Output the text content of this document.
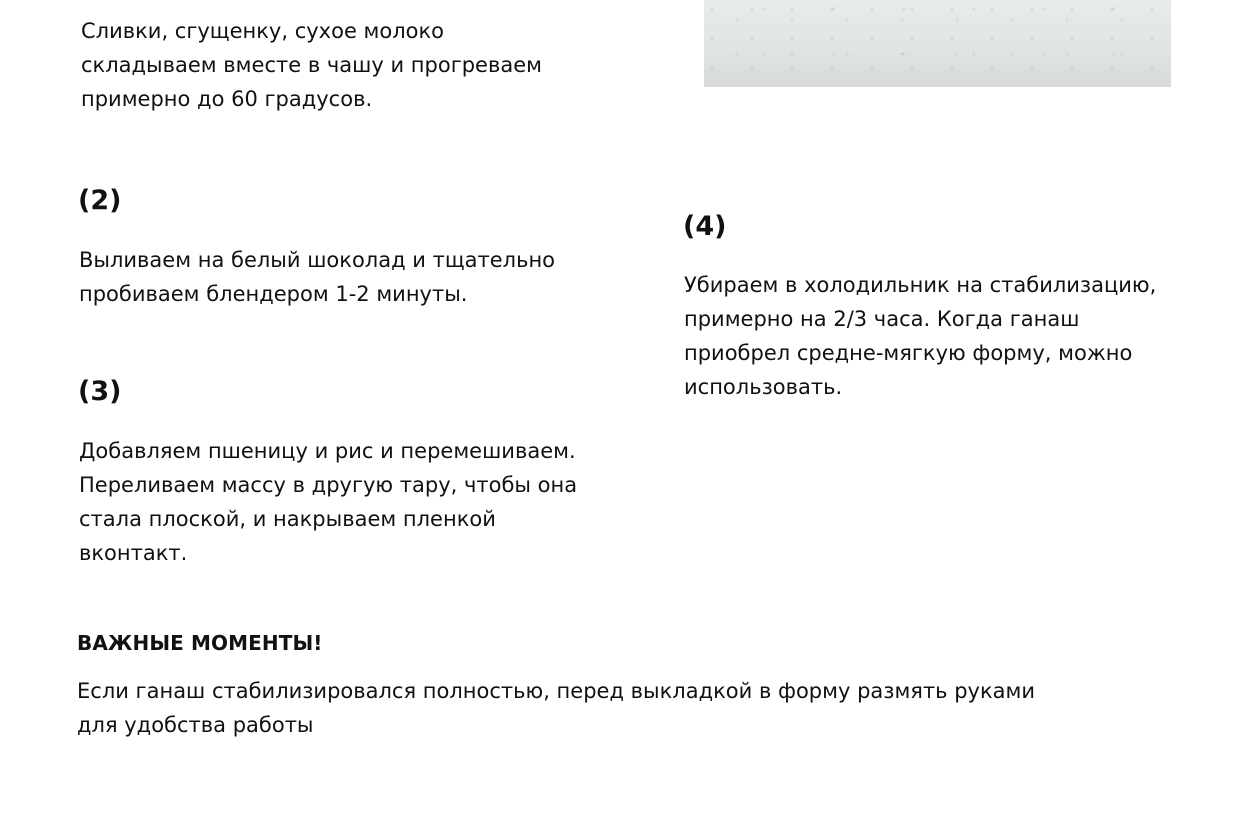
Сливки, сгущенку, сухое молоко
складываем вместе в чашу и прогреваем
примерно до 60 градусов.
(2)
Выливаем на белый шоколад и тщательно
пробиваем блендером 1-2 минуты.
(3)
Добавляем пшеницу и рис и перемешиваем.
Переливаем массу в другую тару, чтобы она
стала плоской, и накрываем пленкой
вконтакт.
(4)
Убираем в холодильник на стабилизацию,
примерно на 2/3 часа. Когда ганаш
приобрел средне-мягкую форму, можно
использовать.
ВАЖНЫЕ МОМЕНТЫ!
Если ганаш стабилизировался полностью, перед выкладкой в форму размять руками
для удобства работы
